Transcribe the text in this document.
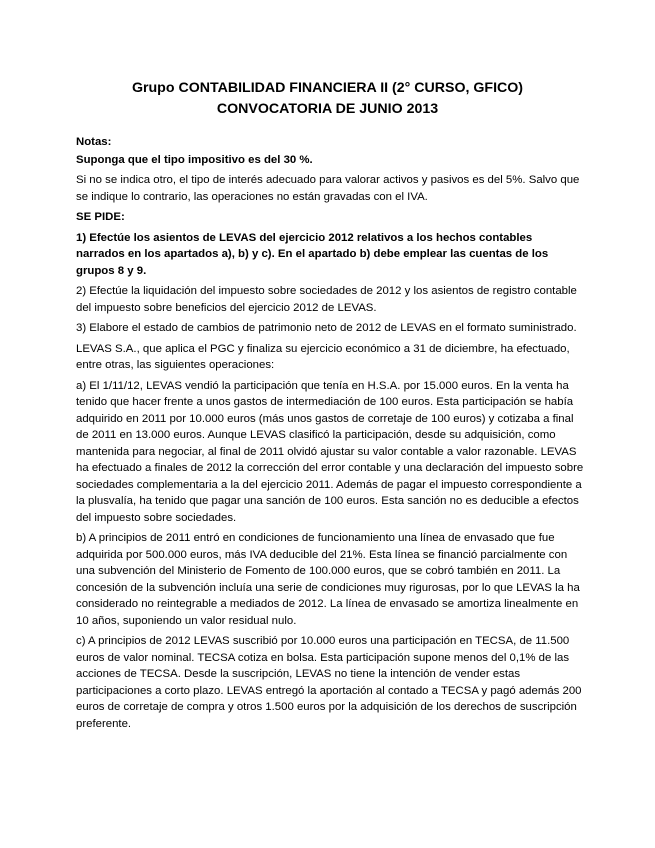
Grupo CONTABILIDAD FINANCIERA II (2° CURSO, GFICO)
CONVOCATORIA DE JUNIO 2013

Notas:

Suponga que el tipo impositivo es del 30 %.

Si no se indica otro, el tipo de interés adecuado para valorar activos y pasivos es del 5%. Salvo que se indique lo contrario, las operaciones no están gravadas con el IVA.

SE PIDE:

1) Efectúe los asientos de LEVAS del ejercicio 2012 relativos a los hechos contables narrados en los apartados a), b) y c). En el apartado b) debe emplear las cuentas de los grupos 8 y 9.

2) Efectúe la liquidación del impuesto sobre sociedades de 2012 y los asientos de registro contable del impuesto sobre beneficios del ejercicio 2012 de LEVAS.

3) Elabore el estado de cambios de patrimonio neto de 2012 de LEVAS en el formato suministrado.

LEVAS S.A., que aplica el PGC y finaliza su ejercicio económico a 31 de diciembre, ha efectuado, entre otras, las siguientes operaciones:

a) El 1/11/12, LEVAS vendió la participación que tenía en H.S.A. por 15.000 euros. En la venta ha tenido que hacer frente a unos gastos de intermediación de 100 euros. Esta participación se había adquirido en 2011 por 10.000 euros (más unos gastos de corretaje de 100 euros) y cotizaba a final de 2011 en 13.000 euros. Aunque LEVAS clasificó la participación, desde su adquisición, como mantenida para negociar, al final de 2011 olvidó ajustar su valor contable a valor razonable. LEVAS ha efectuado a finales de 2012 la corrección del error contable y una declaración del impuesto sobre sociedades complementaria a la del ejercicio 2011. Además de pagar el impuesto correspondiente a la plusvalía, ha tenido que pagar una sanción de 100 euros. Esta sanción no es deducible a efectos del impuesto sobre sociedades.

b) A principios de 2011 entró en condiciones de funcionamiento una línea de envasado que fue adquirida por 500.000 euros, más IVA deducible del 21%. Esta línea se financió parcialmente con una subvención del Ministerio de Fomento de 100.000 euros, que se cobró también en 2011. La concesión de la subvención incluía una serie de condiciones muy rigurosas, por lo que LEVAS la ha considerado no reintegrable a mediados de 2012. La línea de envasado se amortiza linealmente en 10 años, suponiendo un valor residual nulo.

c) A principios de 2012 LEVAS suscribió por 10.000 euros una participación en TECSA, de 11.500 euros de valor nominal. TECSA cotiza en bolsa. Esta participación supone menos del 0,1% de las acciones de TECSA. Desde la suscripción, LEVAS no tiene la intención de vender estas participaciones a corto plazo. LEVAS entregó la aportación al contado a TECSA y pagó además 200 euros de corretaje de compra y otros 1.500 euros por la adquisición de los derechos de suscripción preferente.
